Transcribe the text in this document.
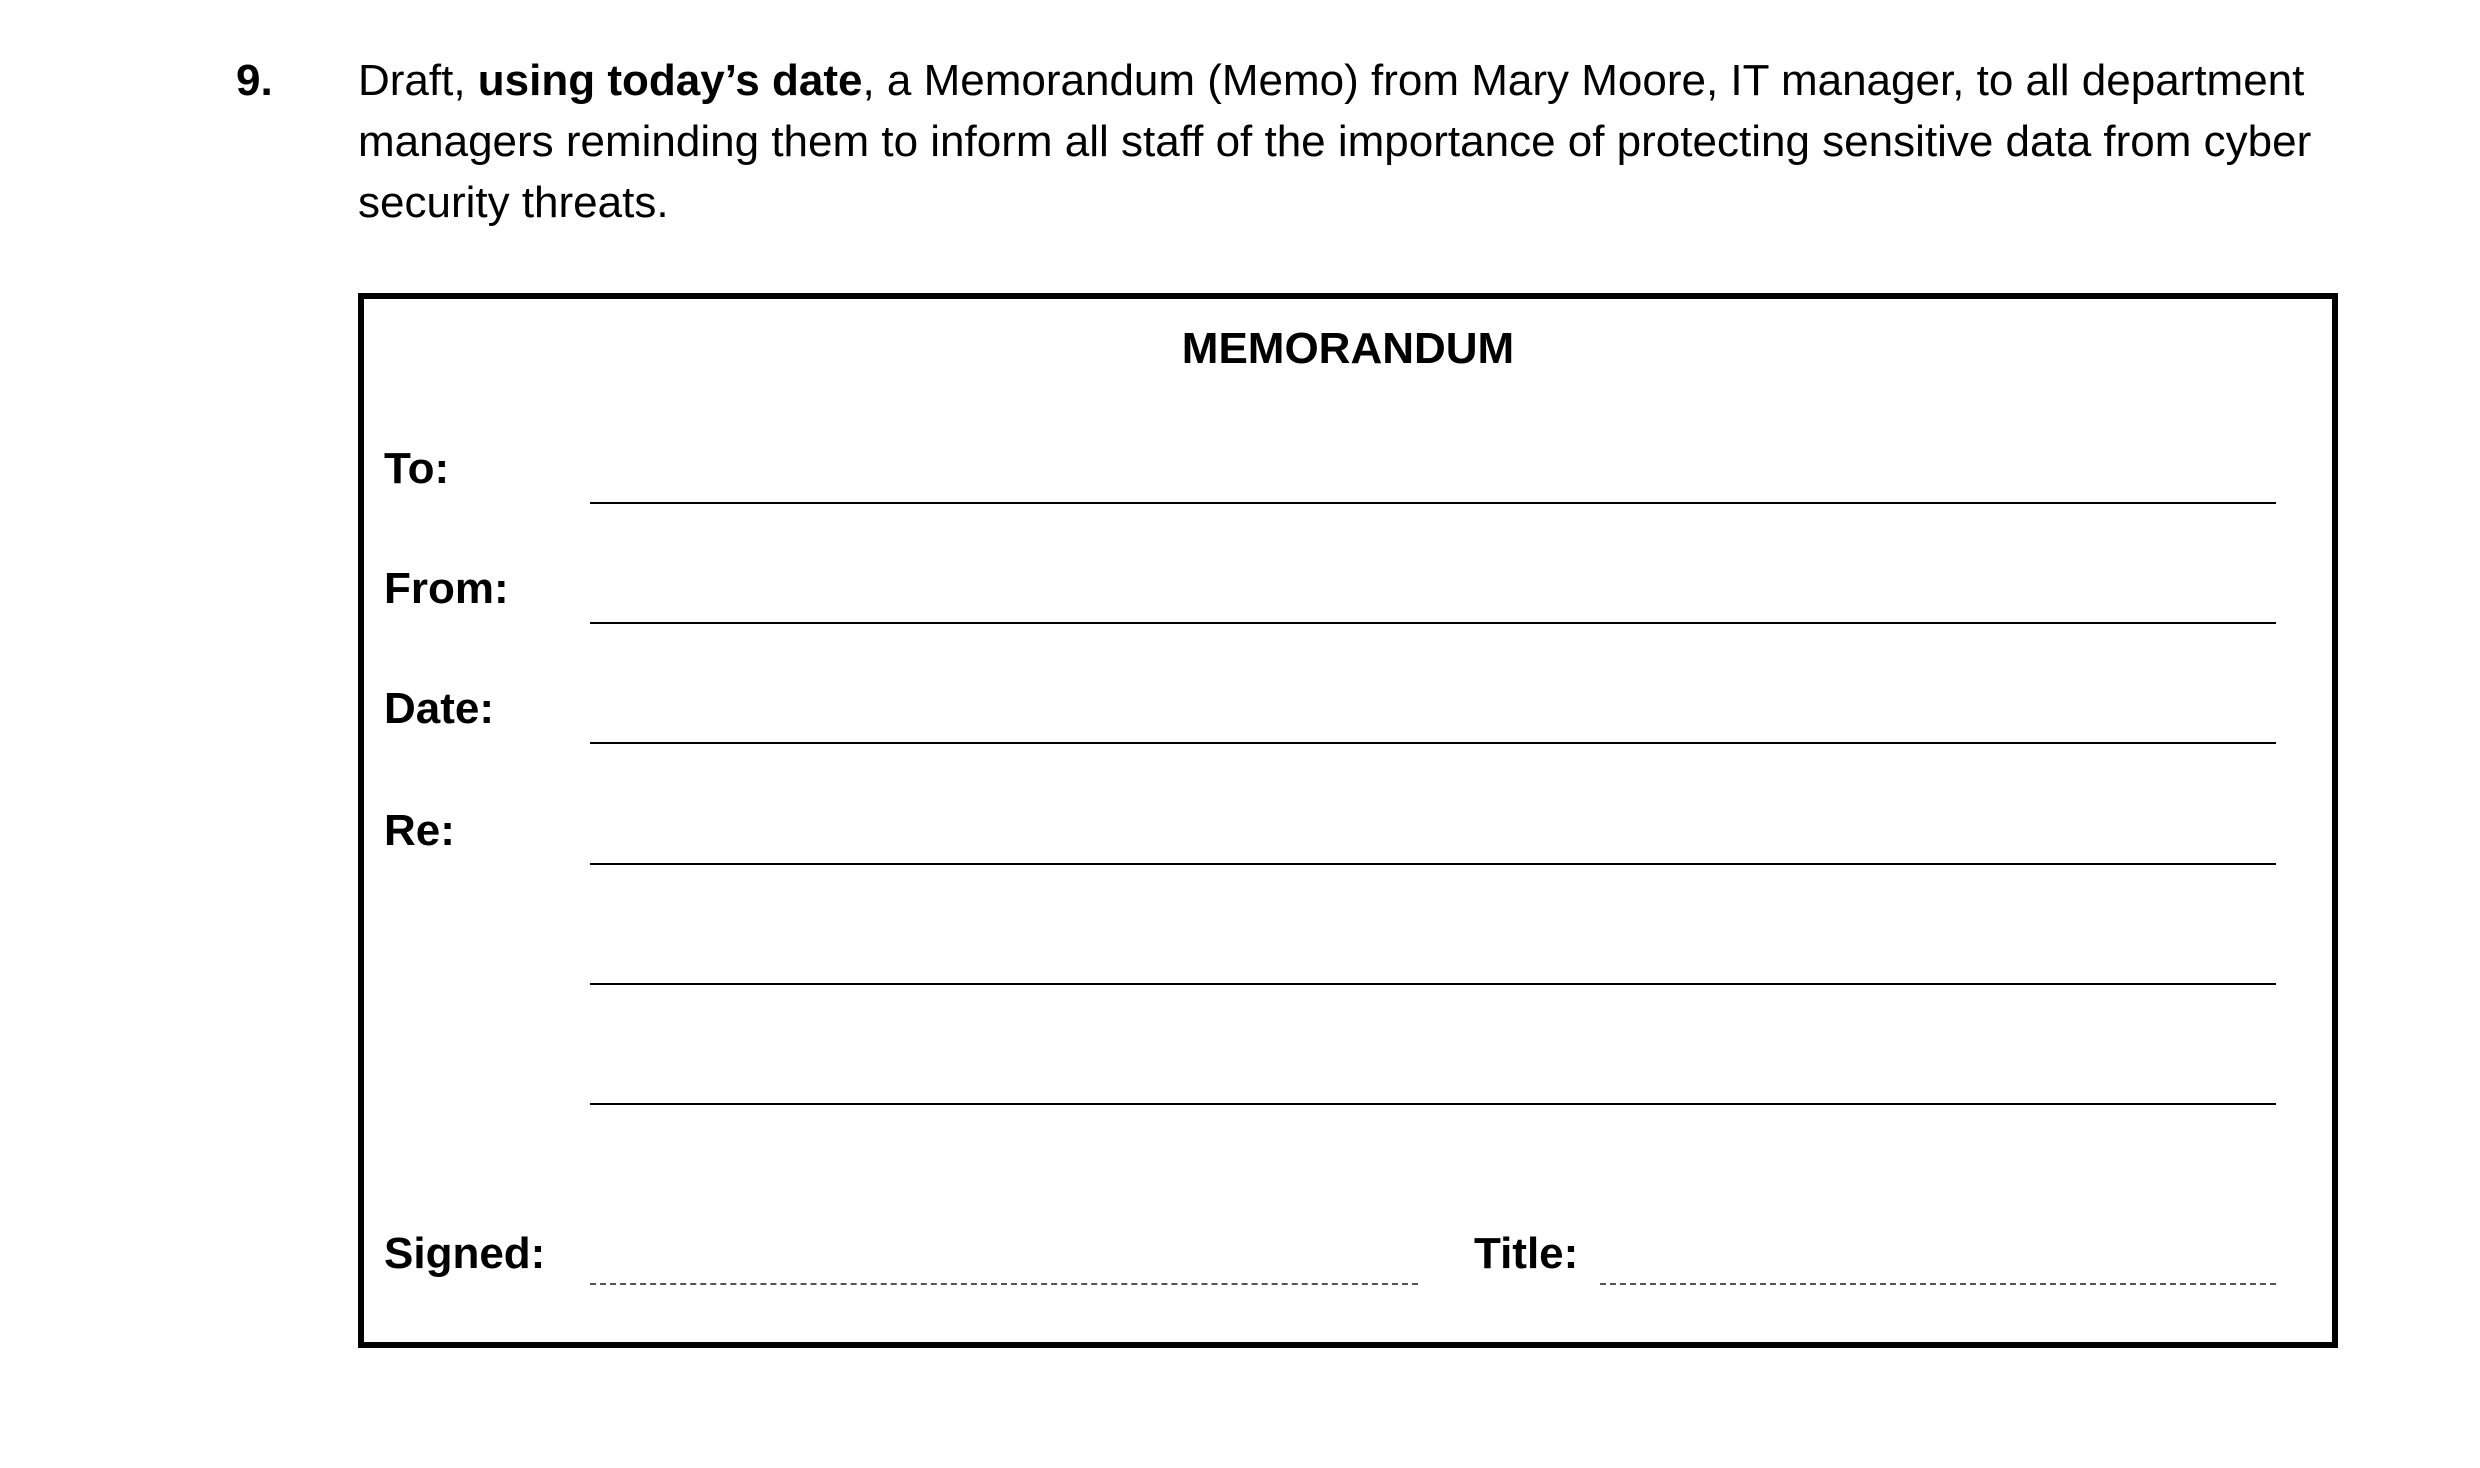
9. Draft, using today’s date, a Memorandum (Memo) from Mary Moore, IT manager, to all department managers reminding them to inform all staff of the importance of protecting sensitive data from cyber security threats.
MEMORANDUM
To:
From:
Date:
Re:
Signed:	Title:
